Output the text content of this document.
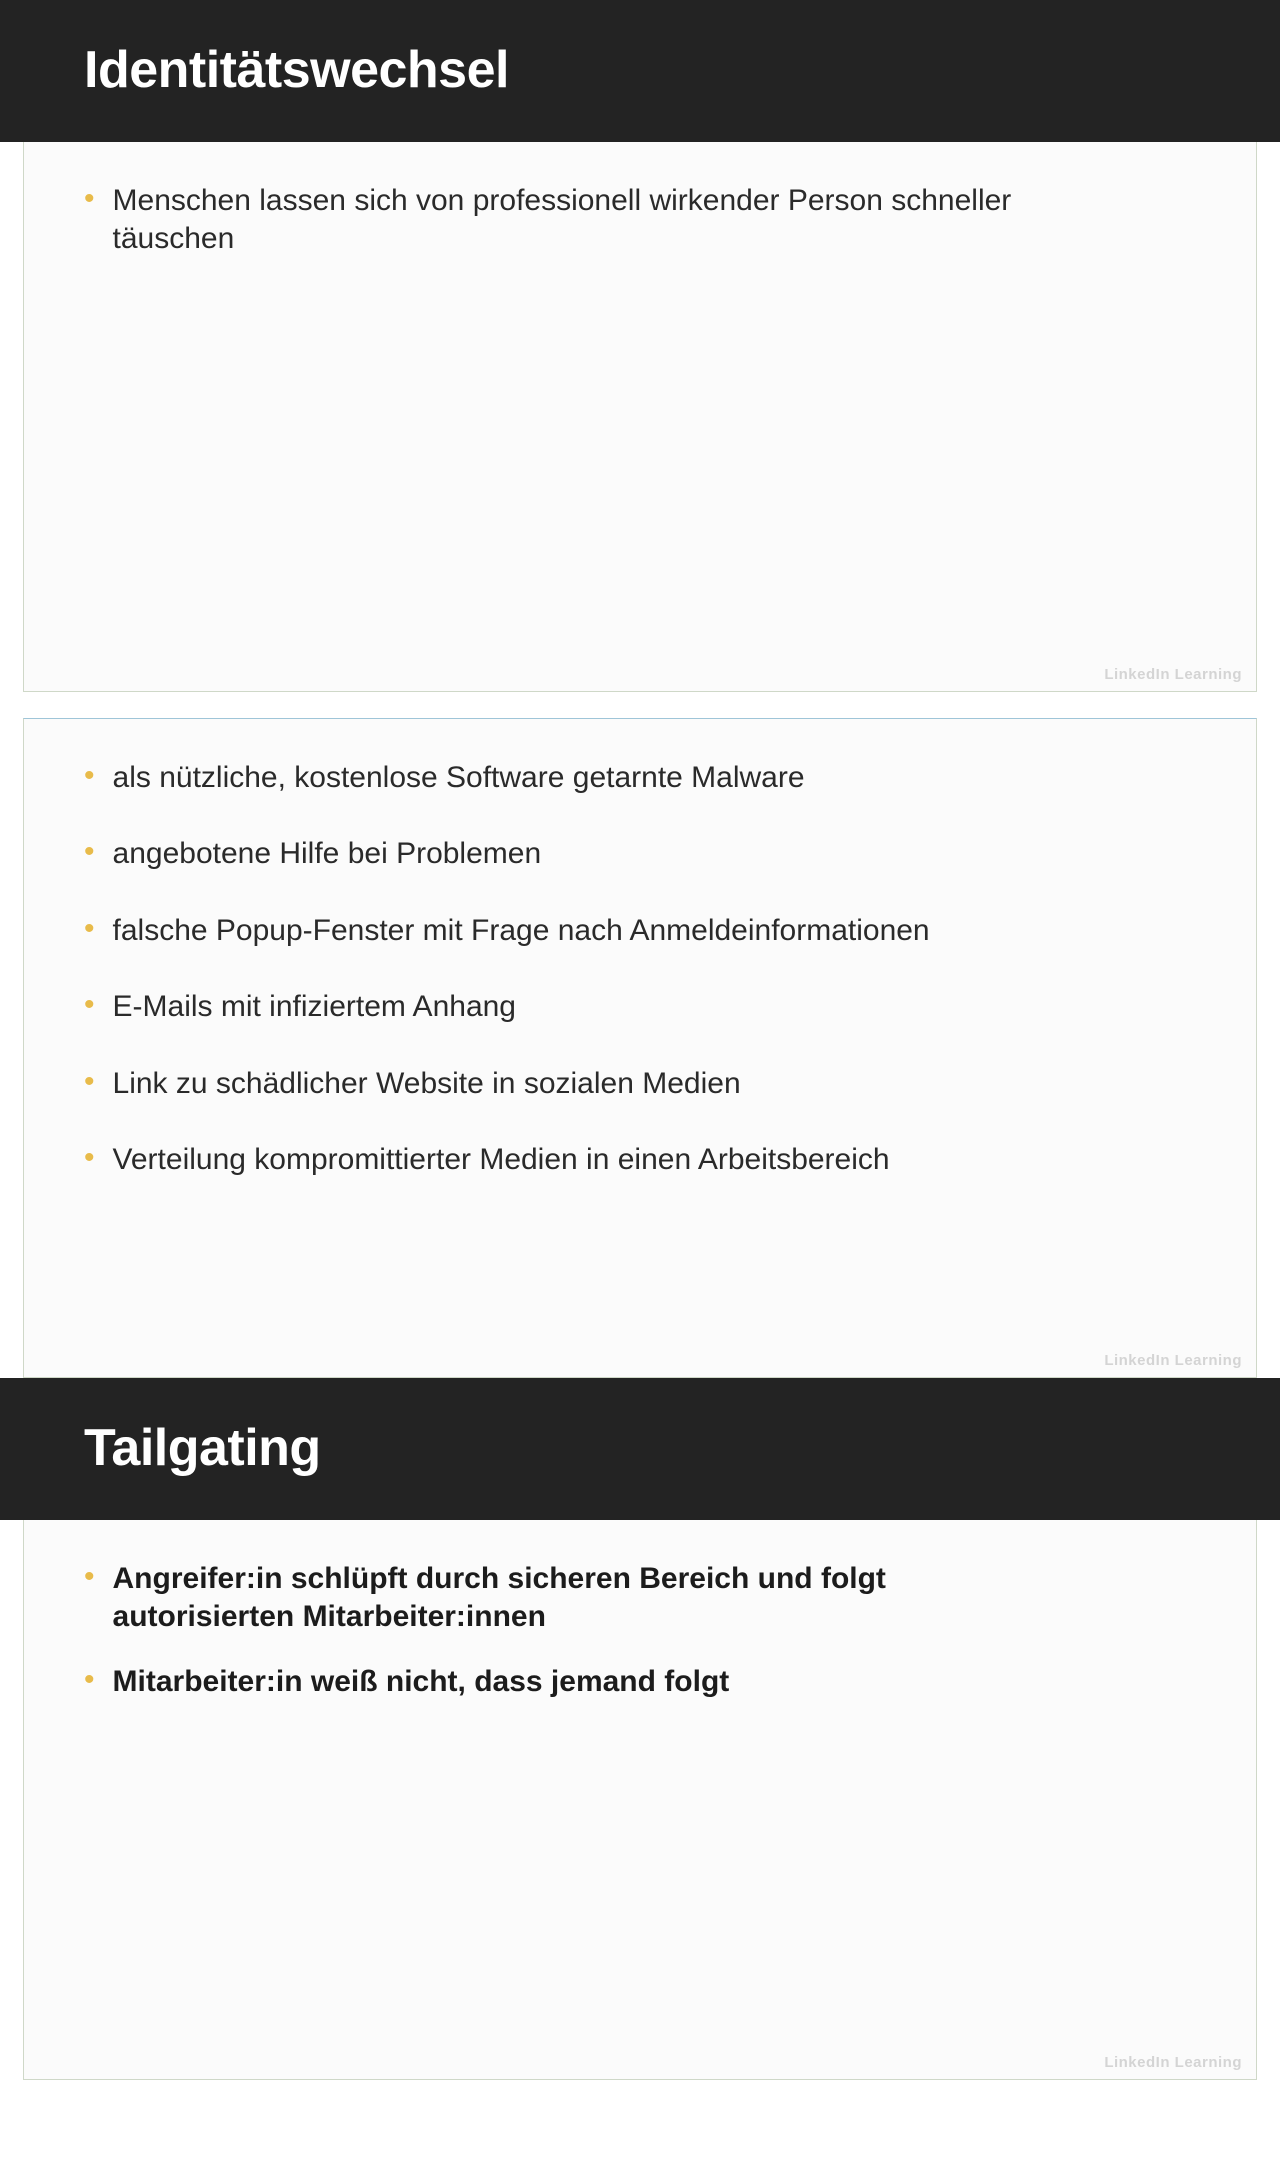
Identitätswechsel
• Menschen lassen sich von professionell wirkender Person schneller täuschen
LinkedIn Learning
• als nützliche, kostenlose Software getarnte Malware
• angebotene Hilfe bei Problemen
• falsche Popup-Fenster mit Frage nach Anmeldeinformationen
• E-Mails mit infiziertem Anhang
• Link zu schädlicher Website in sozialen Medien
• Verteilung kompromittierter Medien in einen Arbeitsbereich
LinkedIn Learning
Tailgating
• Angreifer:in schlüpft durch sicheren Bereich und folgt autorisierten Mitarbeiter:innen
• Mitarbeiter:in weiß nicht, dass jemand folgt
LinkedIn Learning
